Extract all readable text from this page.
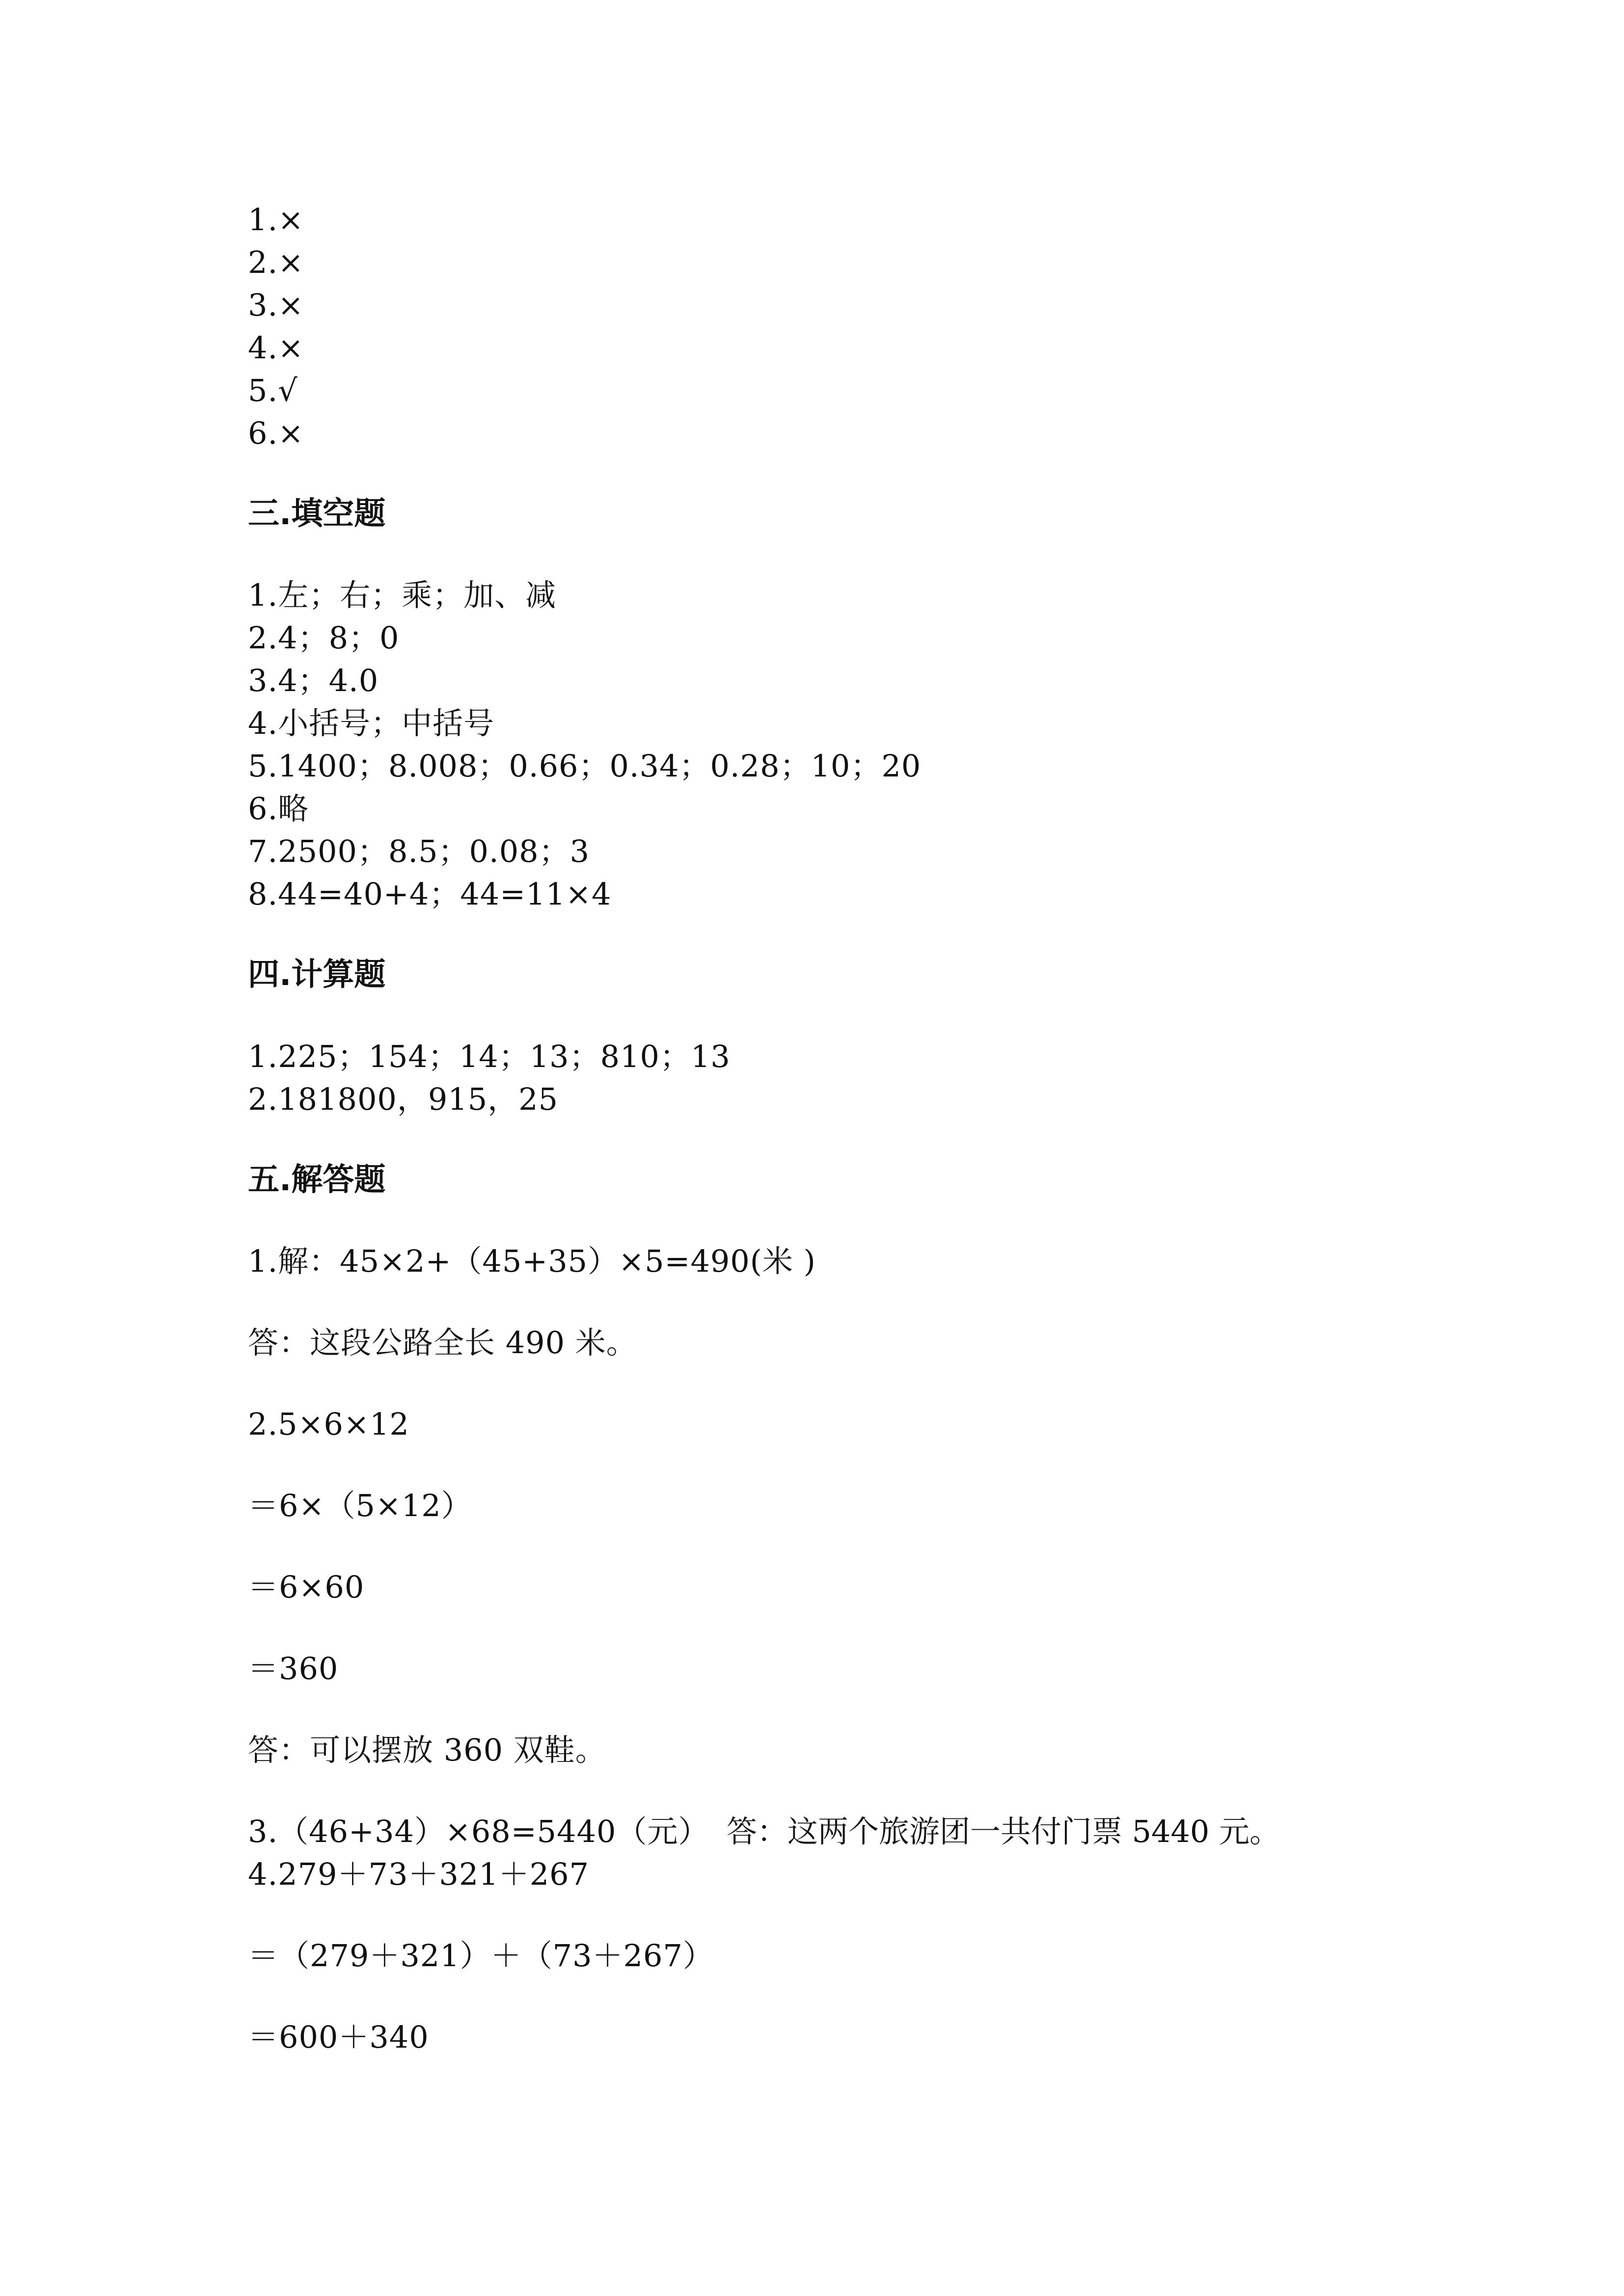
1.×
2.×
3.×
4.×
5.√
6.×
三.填空题
1.左；右；乘；加、减
2.4；8；0
3.4；4.0
4.小括号；中括号
5.1400；8.008；0.66；0.34；0.28；10；20
6.略
7.2500；8.5；0.08；3
8.44=40+4；44=11×4
四.计算题
1.225；154；14；13；810；13
2.181800，915，25
五.解答题
1.解：45×2+（45+35）×5=490(米 )
答：这段公路全长 490 米。
2.5×6×12
＝6×（5×12）
＝6×60
＝360
答：可以摆放 360 双鞋。
3.（46+34）×68=5440（元） 答：这两个旅游团一共付门票 5440 元。
4.279＋73＋321＋267
＝（279＋321）＋（73＋267）
＝600＋340
